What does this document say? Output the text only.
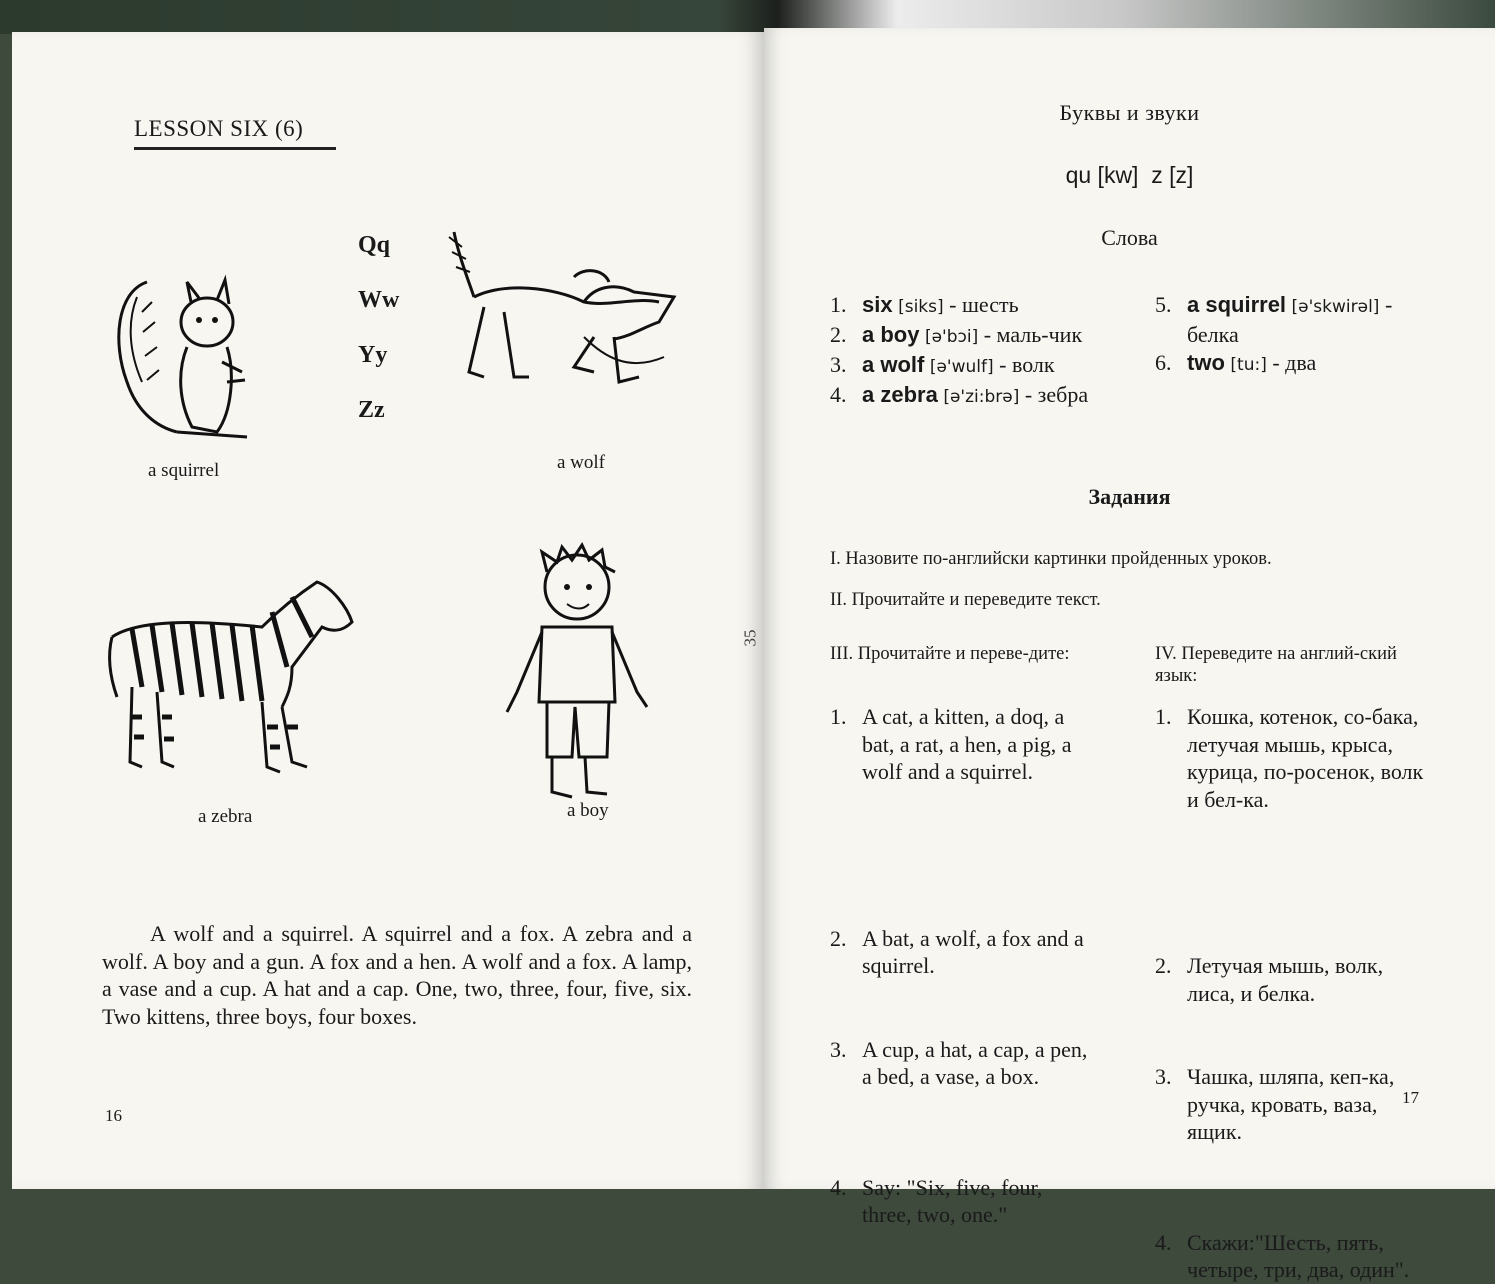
LESSON SIX (6)
a squirrel
Qq
Ww
Yy
Zz
a wolf
a zebra	a boy
A wolf and a squirrel. A squirrel and a fox. A zebra and a wolf. A boy and a gun. A fox and a hen. A wolf and a fox. A lamp, a vase and a cup. A hat and a cap. One, two, three, four, five, six. Two kittens, three boys, four boxes.
16
Буквы и звуки
qu [kw]  z [z]
Слова
1. six [siks] - шесть
2. a boy [ə'bɔi] - маль-чик
3. a wolf [ə'wulf] - волк
4. a zebra [ə'zi:brə] - зебра
5. a squirrel [ə'skwirəl] - белка
6. two [tu:] - два
Задания
I. Назовите по-английски картинки пройденных уроков.
II. Прочитайте и переведите текст.
III. Прочитайте и переве-дите:	IV. Переведите на англий-ский язык:
1. A cat, a kitten, a doq, a bat, a rat, a hen, a pig, a wolf and a squirrel.
2. A bat, a wolf, a fox and a squirrel.
3. A cup, a hat, a cap, a pen, a bed, a vase, a box.
4. Say: "Six, five, four, three, two, one."
1. Кошка, котенок, со-бака, летучая мышь, крыса, курица, по-росенок, волк и бел-ка.
2. Летучая мышь, волк, лиса, и белка.
3. Чашка, шляпа, кеп-ка, ручка, кровать, ваза, ящик.
4. Скажи:"Шесть, пять, четыре, три, два, один".
35
17
